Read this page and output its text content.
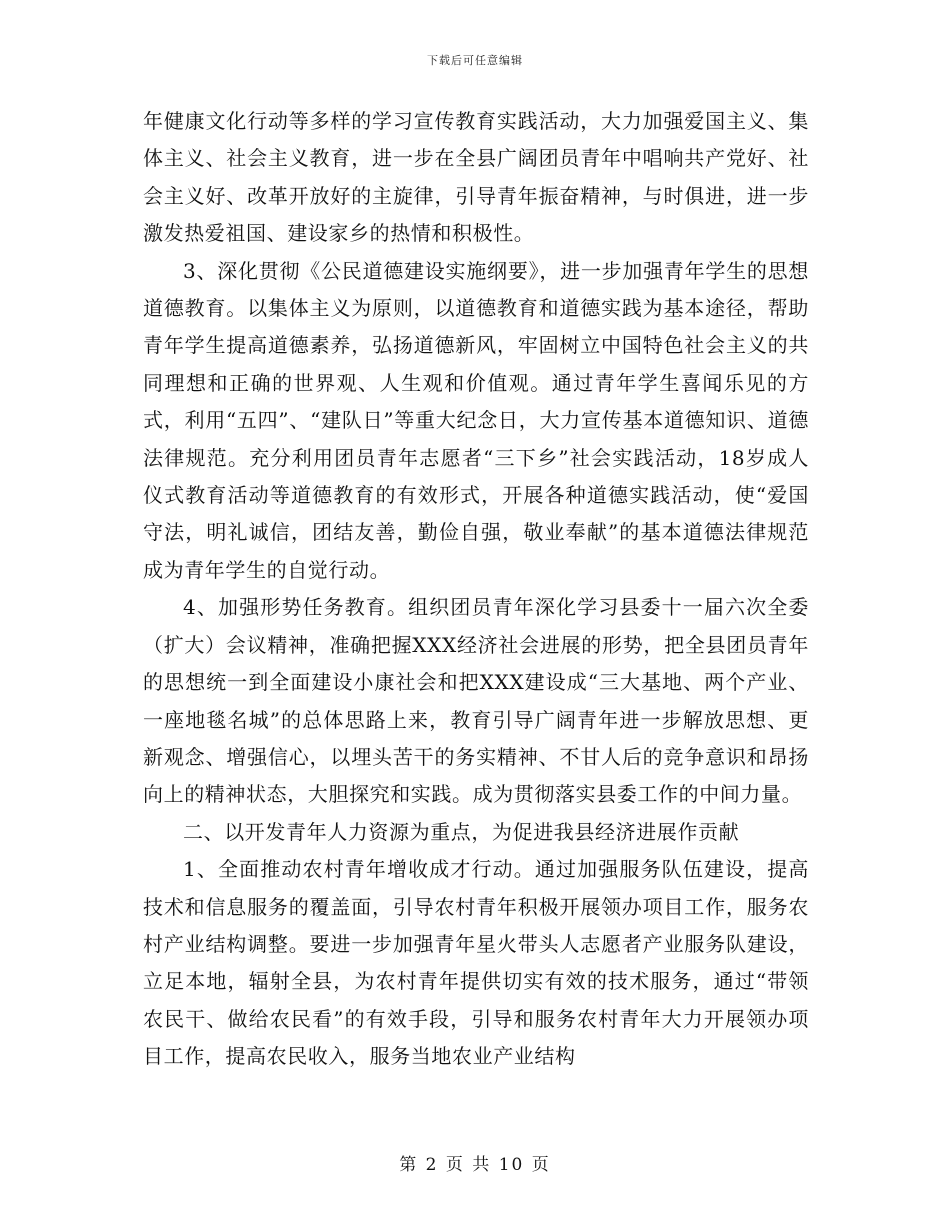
下载后可任意编辑

年健康文化行动等多样的学习宣传教育实践活动，大力加强爱国主义、集体主义、社会主义教育，进一步在全县广阔团员青年中唱响共产党好、社会主义好、改革开放好的主旋律，引导青年振奋精神，与时俱进，进一步激发热爱祖国、建设家乡的热情和积极性。

3、深化贯彻《公民道德建设实施纲要》，进一步加强青年学生的思想道德教育。以集体主义为原则，以道德教育和道德实践为基本途径，帮助青年学生提高道德素养，弘扬道德新风，牢固树立中国特色社会主义的共同理想和正确的世界观、人生观和价值观。通过青年学生喜闻乐见的方式，利用“五四”、“建队日”等重大纪念日，大力宣传基本道德知识、道德法律规范。充分利用团员青年志愿者“三下乡”社会实践活动，18岁成人仪式教育活动等道德教育的有效形式，开展各种道德实践活动，使“爱国守法，明礼诚信，团结友善，勤俭自强，敬业奉献”的基本道德法律规范成为青年学生的自觉行动。

4、加强形势任务教育。组织团员青年深化学习县委十一届六次全委（扩大）会议精神，准确把握XXX经济社会进展的形势，把全县团员青年的思想统一到全面建设小康社会和把XXX建设成“三大基地、两个产业、一座地毯名城”的总体思路上来，教育引导广阔青年进一步解放思想、更新观念、增强信心，以埋头苦干的务实精神、不甘人后的竞争意识和昂扬向上的精神状态，大胆探究和实践。成为贯彻落实县委工作的中间力量。

二、以开发青年人力资源为重点，为促进我县经济进展作贡献

1、全面推动农村青年增收成才行动。通过加强服务队伍建设，提高技术和信息服务的覆盖面，引导农村青年积极开展领办项目工作，服务农村产业结构调整。要进一步加强青年星火带头人志愿者产业服务队建设，立足本地，辐射全县，为农村青年提供切实有效的技术服务，通过“带领农民干、做给农民看”的有效手段，引导和服务农村青年大力开展领办项目工作，提高农民收入，服务当地农业产业结构

第 2 页 共 10 页
